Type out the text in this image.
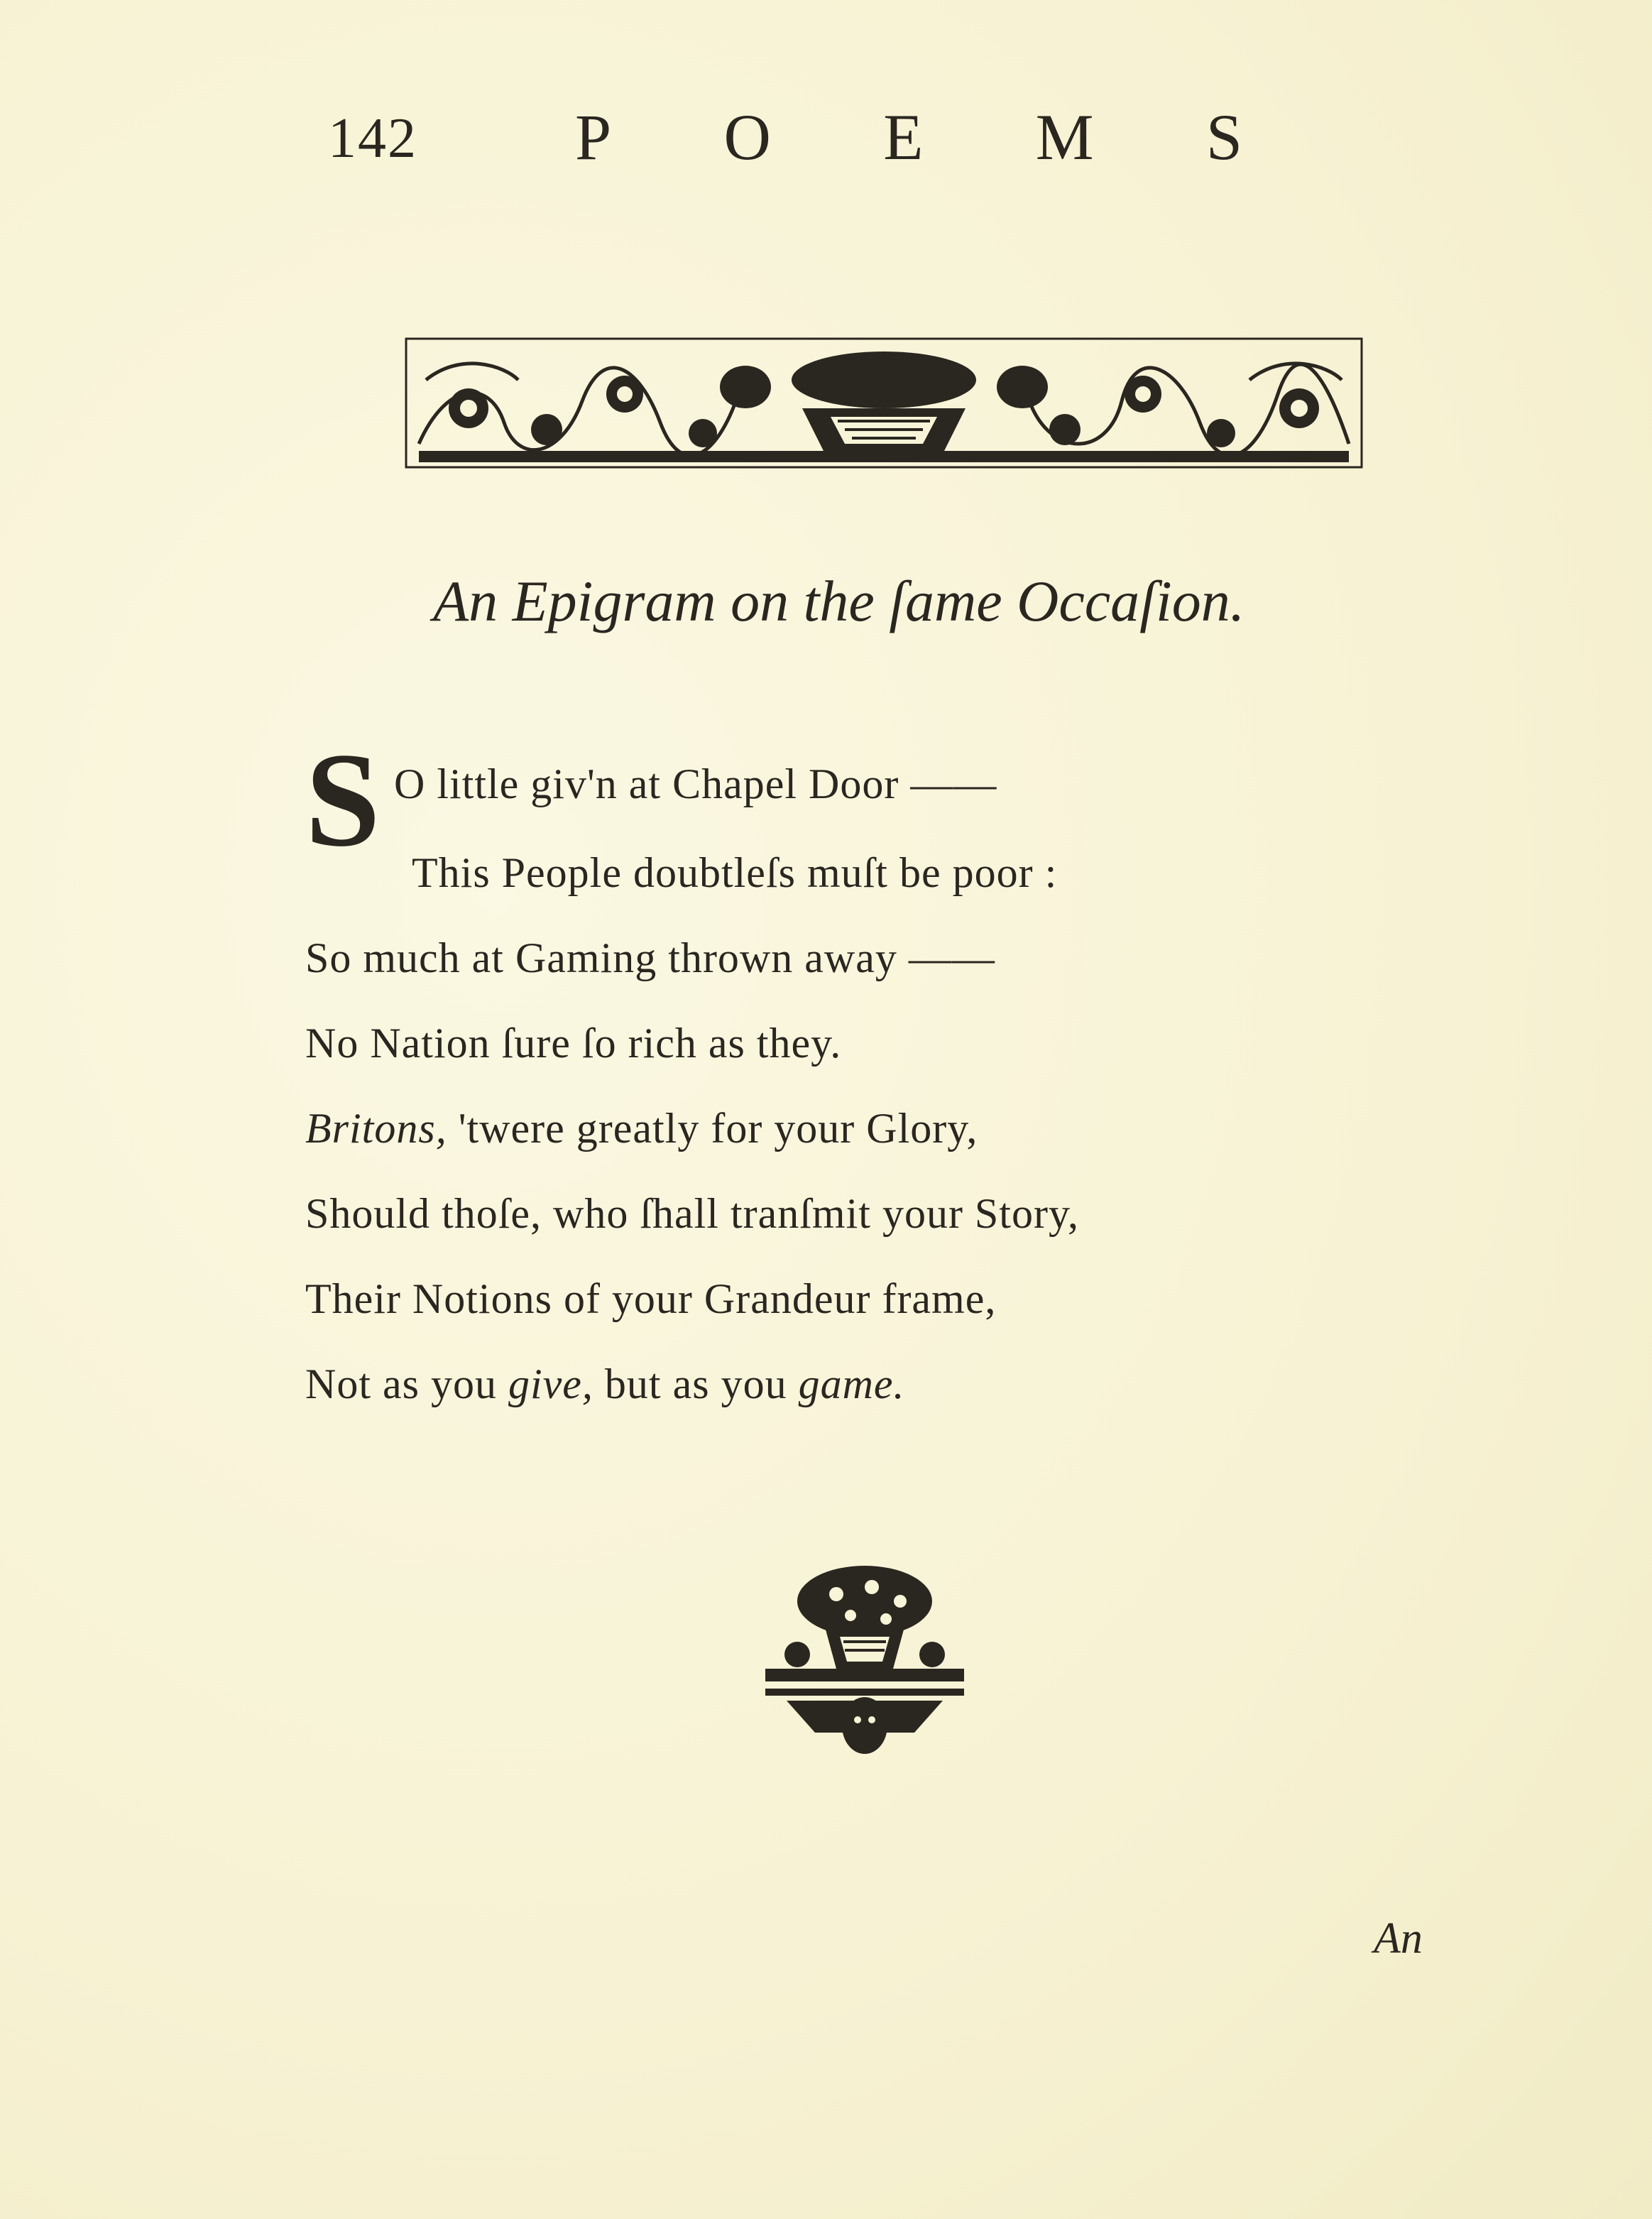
142 P O E M S
An Epigram on the ſame Occaſion.
S O little giv'n at Chapel Door ——
This People doubtleſs muſt be poor :
So much at Gaming thrown away ——
No Nation ſure ſo rich as they.
Britons, 'twere greatly for your Glory,
Should thoſe, who ſhall tranſmit your Story,
Their Notions of your Grandeur frame,
Not as you give, but as you game.
An
